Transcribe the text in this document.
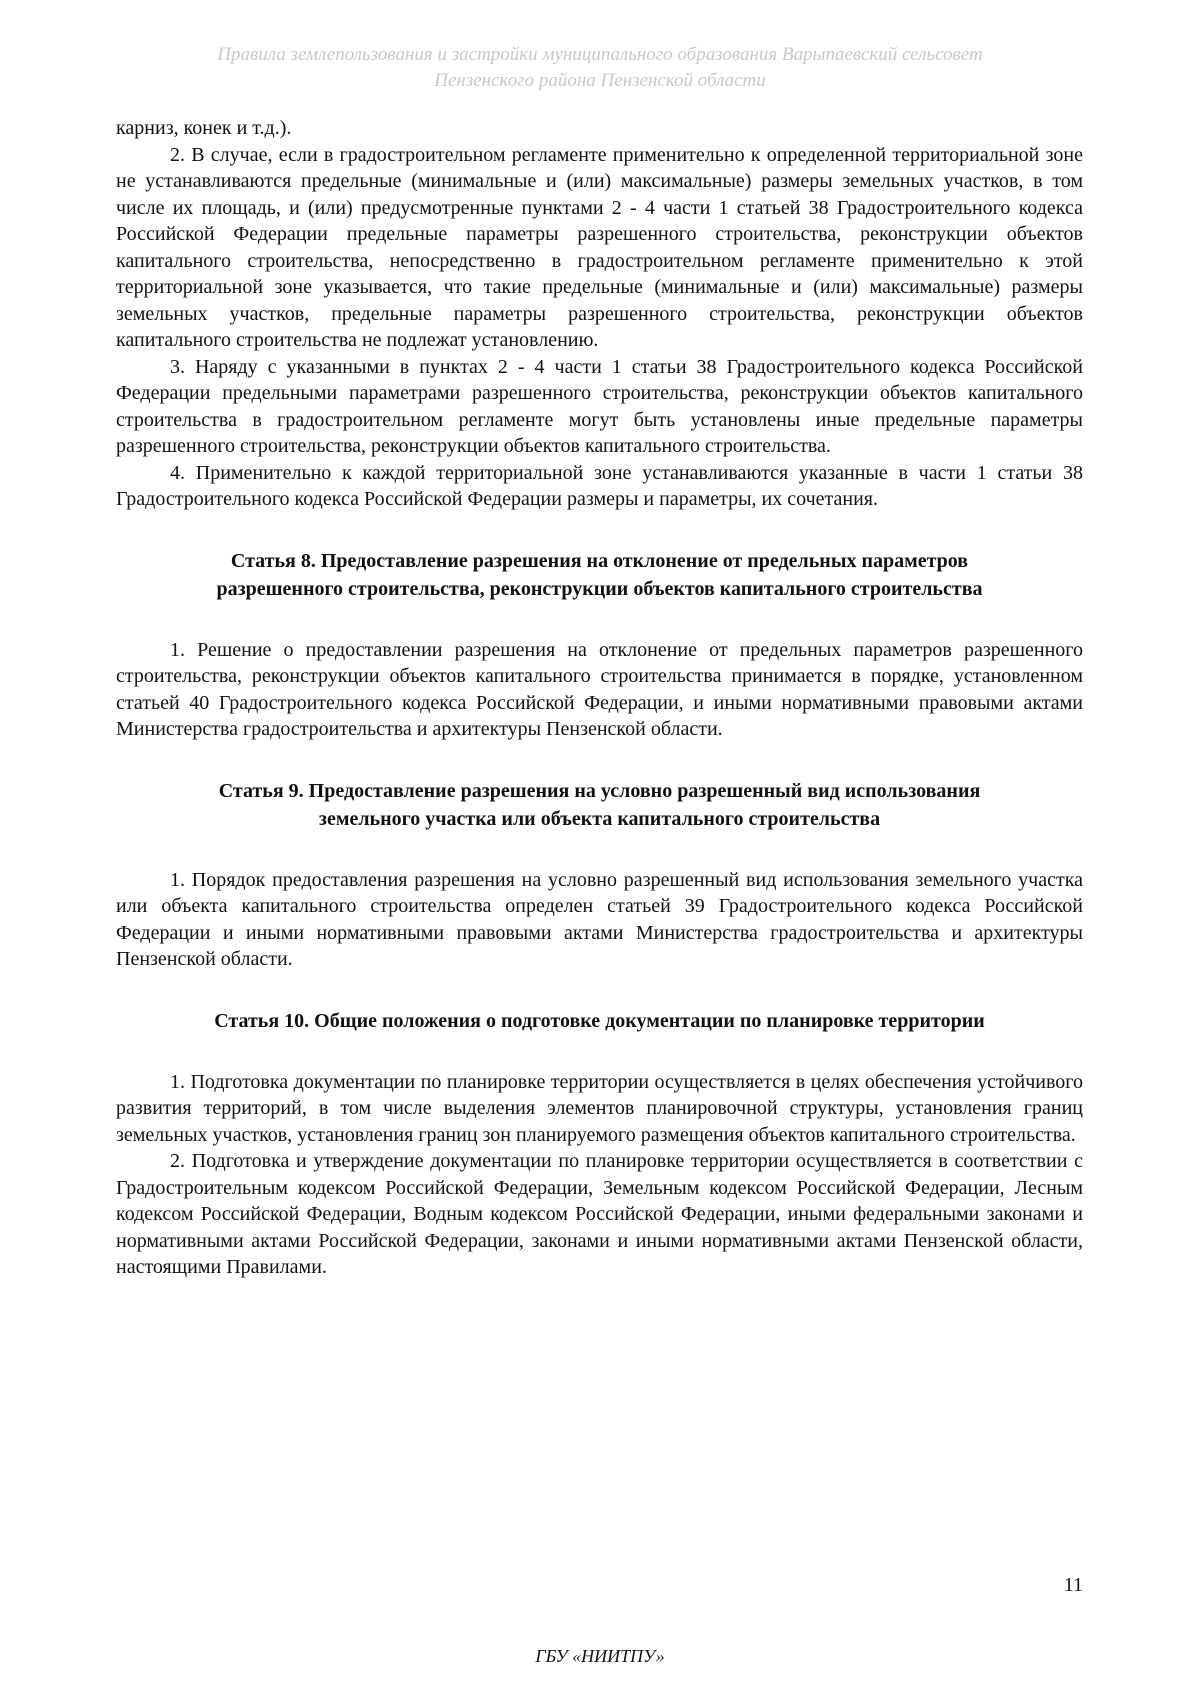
Правила землепользования и застройки муниципального образования Варыпаевский сельсовет
Пензенского района Пензенской области

карниз, конек и т.д.).

2. В случае, если в градостроительном регламенте применительно к определенной территориальной зоне не устанавливаются предельные (минимальные и (или) максимальные) размеры земельных участков, в том числе их площадь, и (или) предусмотренные пунктами 2 - 4 части 1 статьей 38 Градостроительного кодекса Российской Федерации предельные параметры разрешенного строительства, реконструкции объектов капитального строительства, непосредственно в градостроительном регламенте применительно к этой территориальной зоне указывается, что такие предельные (минимальные и (или) максимальные) размеры земельных участков, предельные параметры разрешенного строительства, реконструкции объектов капитального строительства не подлежат установлению.

3. Наряду с указанными в пунктах 2 - 4 части 1 статьи 38 Градостроительного кодекса Российской Федерации предельными параметрами разрешенного строительства, реконструкции объектов капитального строительства в градостроительном регламенте могут быть установлены иные предельные параметры разрешенного строительства, реконструкции объектов капитального строительства.

4. Применительно к каждой территориальной зоне устанавливаются указанные в части 1 статьи 38 Градостроительного кодекса Российской Федерации размеры и параметры, их сочетания.

Статья 8. Предоставление разрешения на отклонение от предельных параметров
разрешенного строительства, реконструкции объектов капитального строительства

1. Решение о предоставлении разрешения на отклонение от предельных параметров разрешенного строительства, реконструкции объектов капитального строительства принимается в порядке, установленном статьей 40 Градостроительного кодекса Российской Федерации, и иными нормативными правовыми актами Министерства градостроительства и архитектуры Пензенской области.

Статья 9. Предоставление разрешения на условно разрешенный вид использования
земельного участка или объекта капитального строительства

1. Порядок предоставления разрешения на условно разрешенный вид использования земельного участка или объекта капитального строительства определен статьей 39 Градостроительного кодекса Российской Федерации и иными нормативными правовыми актами Министерства градостроительства и архитектуры Пензенской области.

Статья 10. Общие положения о подготовке документации по планировке территории

1. Подготовка документации по планировке территории осуществляется в целях обеспечения устойчивого развития территорий, в том числе выделения элементов планировочной структуры, установления границ земельных участков, установления границ зон планируемого размещения объектов капитального строительства.

2. Подготовка и утверждение документации по планировке территории осуществляется в соответствии с Градостроительным кодексом Российской Федерации, Земельным кодексом Российской Федерации, Лесным кодексом Российской Федерации, Водным кодексом Российской Федерации, иными федеральными законами и нормативными актами Российской Федерации, законами и иными нормативными актами Пензенской области, настоящими Правилами.

11
ГБУ «НИИТПУ»
